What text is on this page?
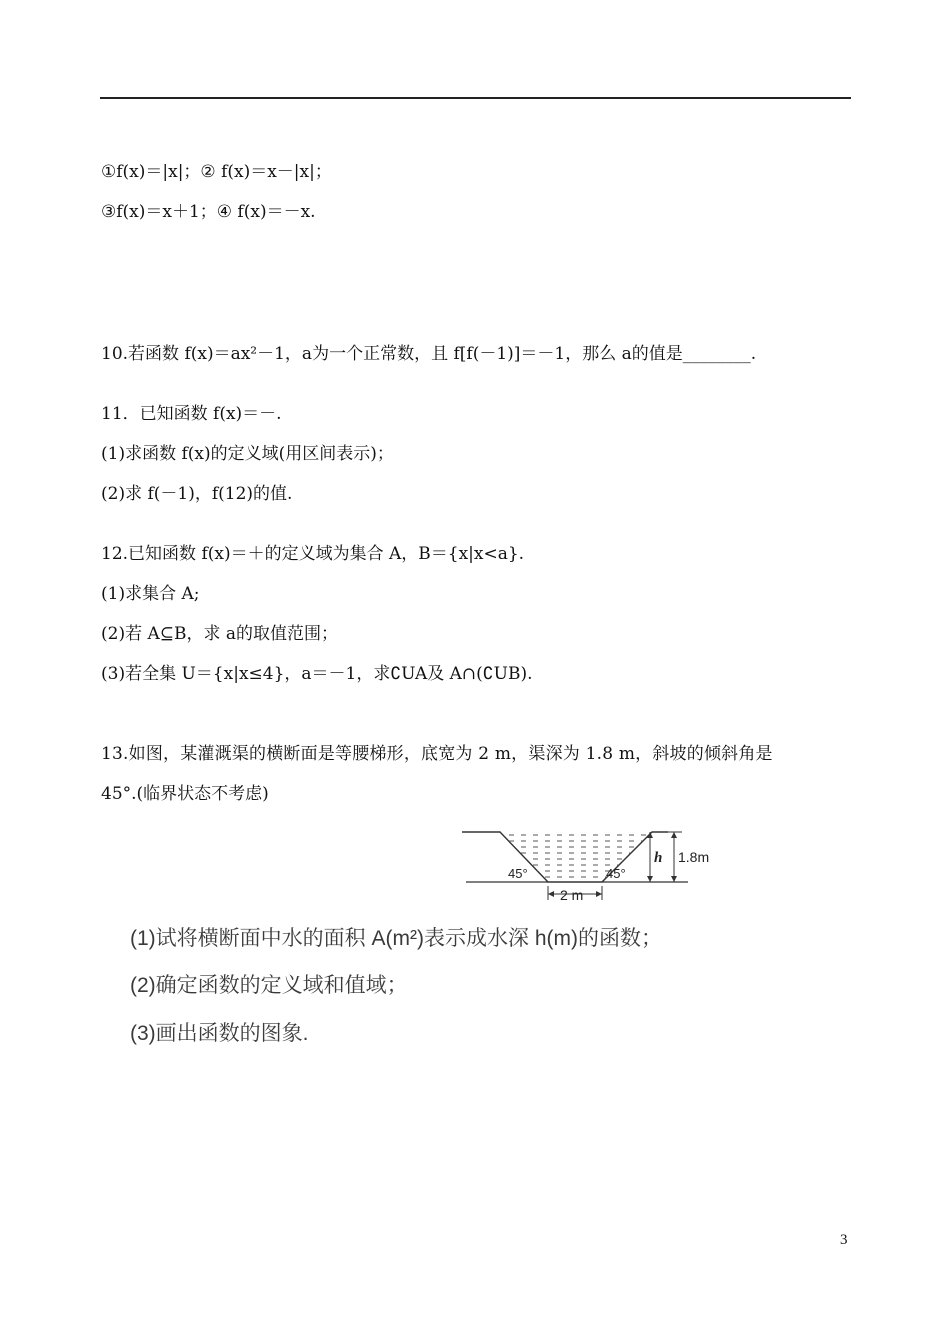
①f(x)＝|x|；② f(x)＝x－|x|；
③f(x)＝x＋1；④ f(x)＝－x.
10.若函数 f(x)＝ax²－1，a为一个正常数，且 f[f(－1)]＝－1，那么 a的值是________.
11．已知函数 f(x)＝－.
(1)求函数 f(x)的定义域(用区间表示)；
(2)求 f(－1)，f(12)的值.
12.已知函数 f(x)＝＋的定义域为集合 A，B＝{x|x<a}.
(1)求集合 A;
(2)若 A⊆B，求 a的取值范围；
(3)若全集 U＝{x|x≤4}，a＝－1，求∁UA及 A∩(∁UB).
13.如图，某灌溉渠的横断面是等腰梯形，底宽为 2 m，渠深为 1.8 m，斜坡的倾斜角是
45°.(临界状态不考虑)
45°	45°
h 1.8m
2 m
(1)试将横断面中水的面积 A(m²)表示成水深 h(m)的函数；
(2)确定函数的定义域和值域；
(3)画出函数的图象.
3
